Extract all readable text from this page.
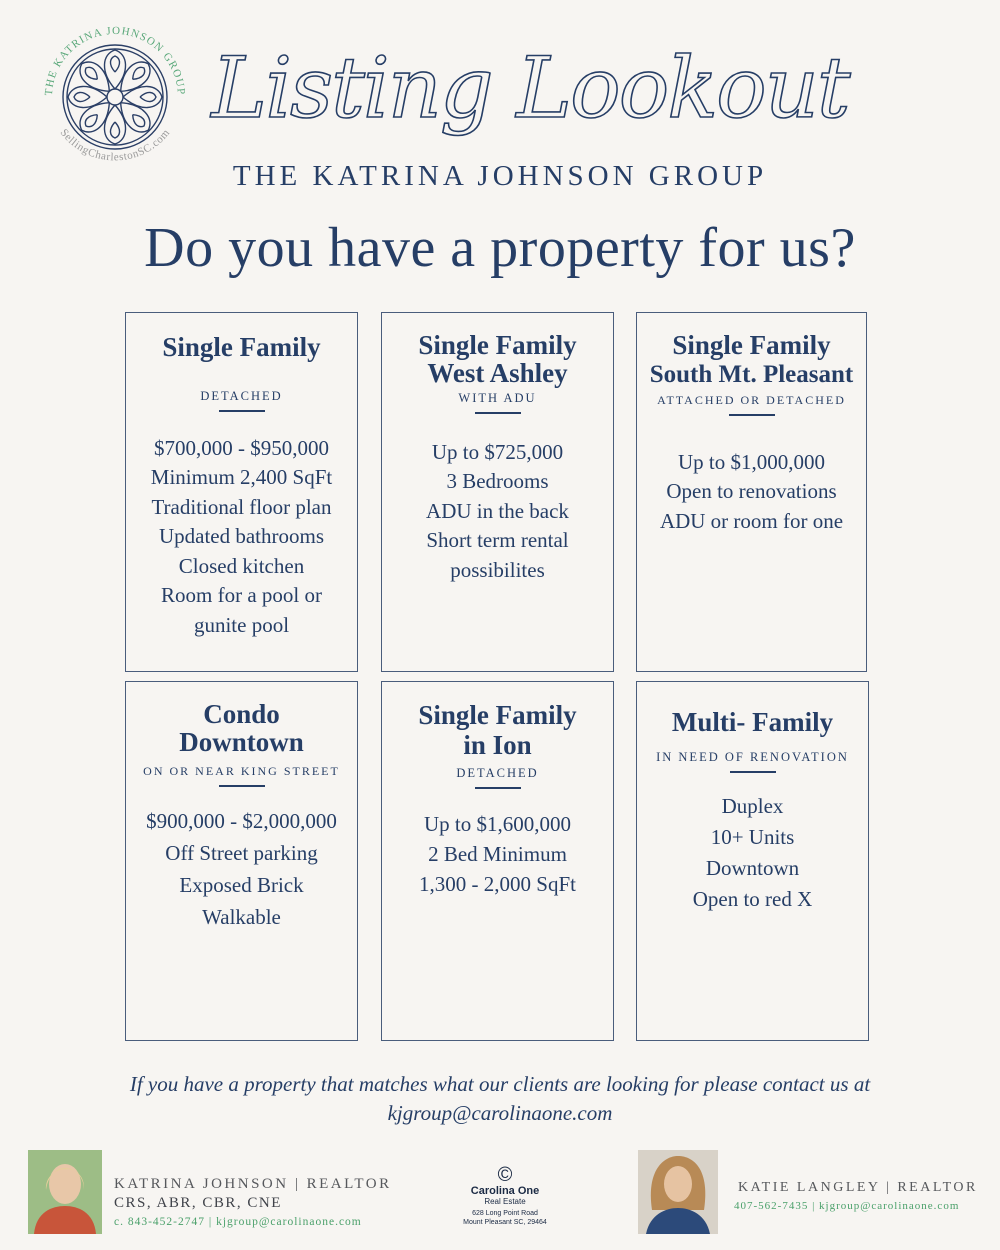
THE KATRINA JOHNSON GROUP
SellingCharlestonSC.com Listing Lookout
THE KATRINA JOHNSON GROUP
Do you have a property for us?
Single Family
DETACHED
$700,000 - $950,000
Minimum 2,400 SqFt
Traditional floor plan
Updated bathrooms
Closed kitchen
Room for a pool or
gunite pool
Single Family
West Ashley
WITH ADU
Up to $725,000
3 Bedrooms
ADU in the back
Short term rental
possibilites
Single Family
South Mt. Pleasant
ATTACHED OR DETACHED
Up to $1,000,000
Open to renovations
ADU or room for one
Condo
Downtown
ON OR NEAR KING STREET
$900,000 - $2,000,000
Off Street parking
Exposed Brick
Walkable
Single Family
in Ion
DETACHED
Up to $1,600,000
2 Bed Minimum
1,300 - 2,000 SqFt
Multi- Family
IN NEED OF RENOVATION
Duplex
10+ Units
Downtown
Open to red X
If you have a property that matches what our clients are looking for please contact us at
kjgroup@carolinaone.com
KATRINA JOHNSON | REALTOR
CRS, ABR, CBR, CNE
c. 843-452-2747 | kjgroup@carolinaone.com
©
Carolina One
Real Estate
628 Long Point Road
Mount Pleasant SC, 29464
KATIE LANGLEY | REALTOR
407-562-7435 | kjgroup@carolinaone.com
